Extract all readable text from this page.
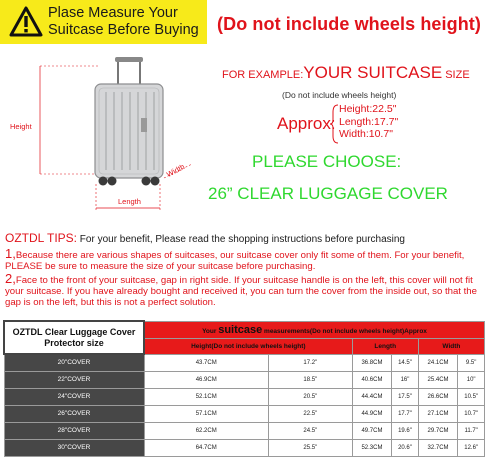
Plase Measure Your
Suitcase Before Buying	(Do not include wheels height)
Height
Length
Width
FOR EXAMPLE:YOUR SUITCASE SIZE
(Do not include wheels height)
Approx:
Height:22.5"
Length:17.7"
Width:10.7"
PLEASE CHOOSE:
26” CLEAR LUGGAGE COVER
OZTDL TIPS: For your benefit, Please read the shopping instructions before purchasing
1,Because there are various shapes of suitcases, our suitcase cover only fit some of them. For your benefit, PLEASE be sure to measure the size of your suitcase before purchasing.
2,Face to the front of your suitcase, gap in right side. If your suitcase handle is on the left, this cover will not fit your suitcase. If you have already bought and received it, you can turn the cover from the inside out, so that the gap is on the left, but this is not a perfect solution.
OZTDL Clear Luggage Cover
Protector size	Your suitcase measurements(Do not include wheels height)Approx					
	Height(Do not include wheels height)		Length		Width	
20"COVER	43.7CM	17.2"	36.8CM	14.5"	24.1CM	9.5"
22"COVER	46.9CM	18.5"	40.6CM	16"	25.4CM	10"
24"COVER	52.1CM	20.5"	44.4CM	17.5"	26.6CM	10.5"
26"COVER	57.1CM	22.5"	44.9CM	17.7"	27.1CM	10.7"
28"COVER	62.2CM	24.5"	49.7CM	19.6"	29.7CM	11.7"
30"COVER	64.7CM	25.5"	52.3CM	20.6"	32.7CM	12.6"
